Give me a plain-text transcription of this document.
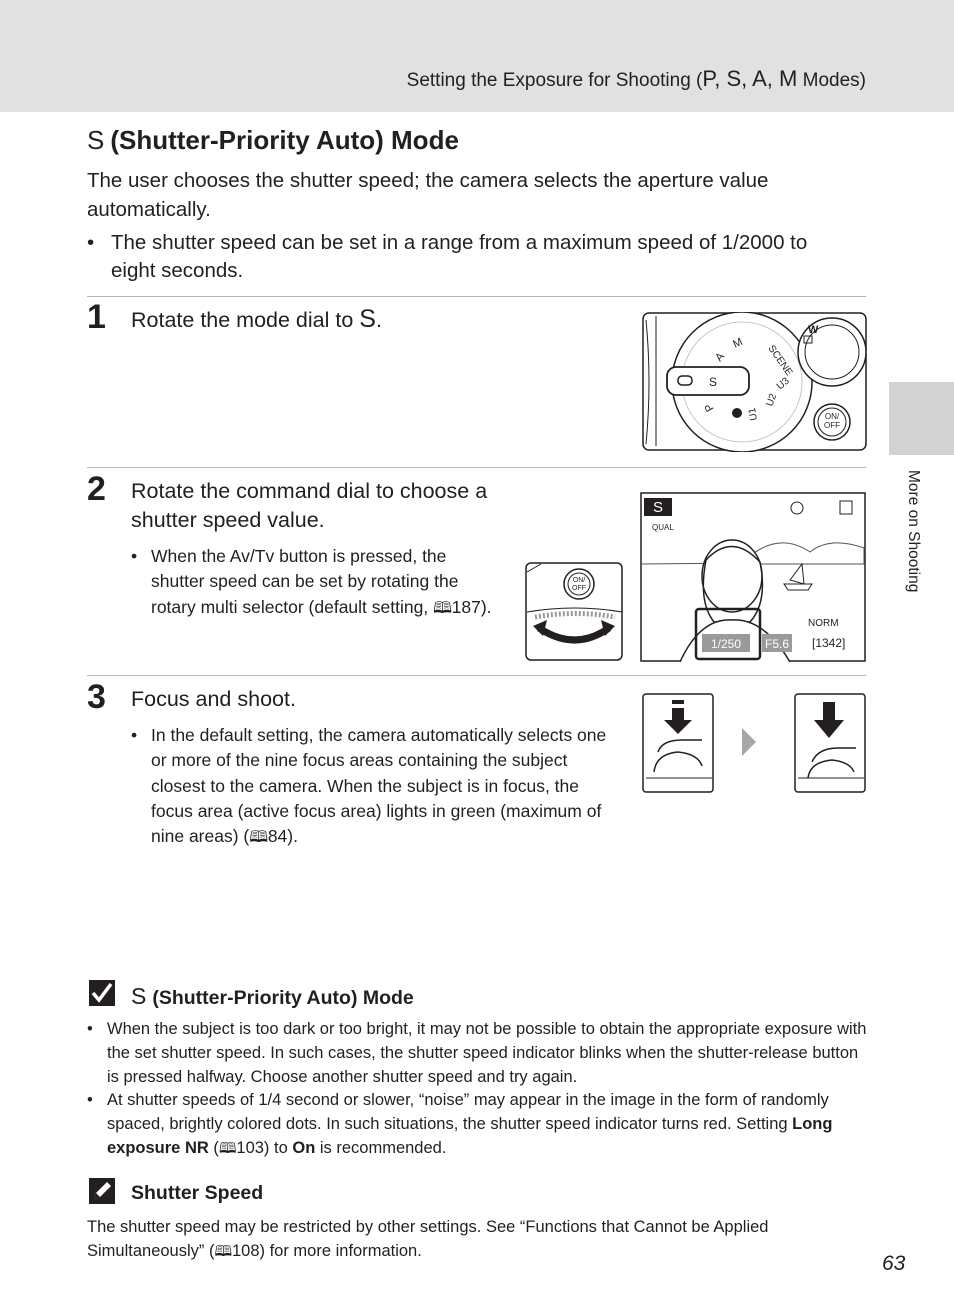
Setting the Exposure for Shooting (P, S, A, M Modes)
More on Shooting
S (Shutter-Priority Auto) Mode
The user chooses the shutter speed; the camera selects the aperture value automatically.
• The shutter speed can be set in a range from a maximum speed of 1/2000 to eight seconds.
1 Rotate the mode dial to S.	W
ON/
OFF
M
SCENE
A
P	U1
U2
U3
S
2 Rotate the command dial to choose a shutter speed value.
• When the Av/Tv button is pressed, the shutter speed can be set by rotating the rotary multi selector (default setting, 🕮187).
ON/
OFF
S
QUAL
1/250 F5.6
NORM
[1342]
3 Focus and shoot.
• In the default setting, the camera automatically selects one or more of the nine focus areas containing the subject closest to the camera. When the subject is in focus, the focus area (active focus area) lights in green (maximum of nine areas) (🕮84).
S (Shutter-Priority Auto) Mode
• When the subject is too dark or too bright, it may not be possible to obtain the appropriate exposure with the set shutter speed. In such cases, the shutter speed indicator blinks when the shutter-release button is pressed halfway. Choose another shutter speed and try again.
• At shutter speeds of 1/4 second or slower, “noise” may appear in the image in the form of randomly spaced, brightly colored dots. In such situations, the shutter speed indicator turns red. Setting Long exposure NR (🕮103) to On is recommended.
Shutter Speed
The shutter speed may be restricted by other settings. See “Functions that Cannot be Applied Simultaneously” (🕮108) for more information.
63
